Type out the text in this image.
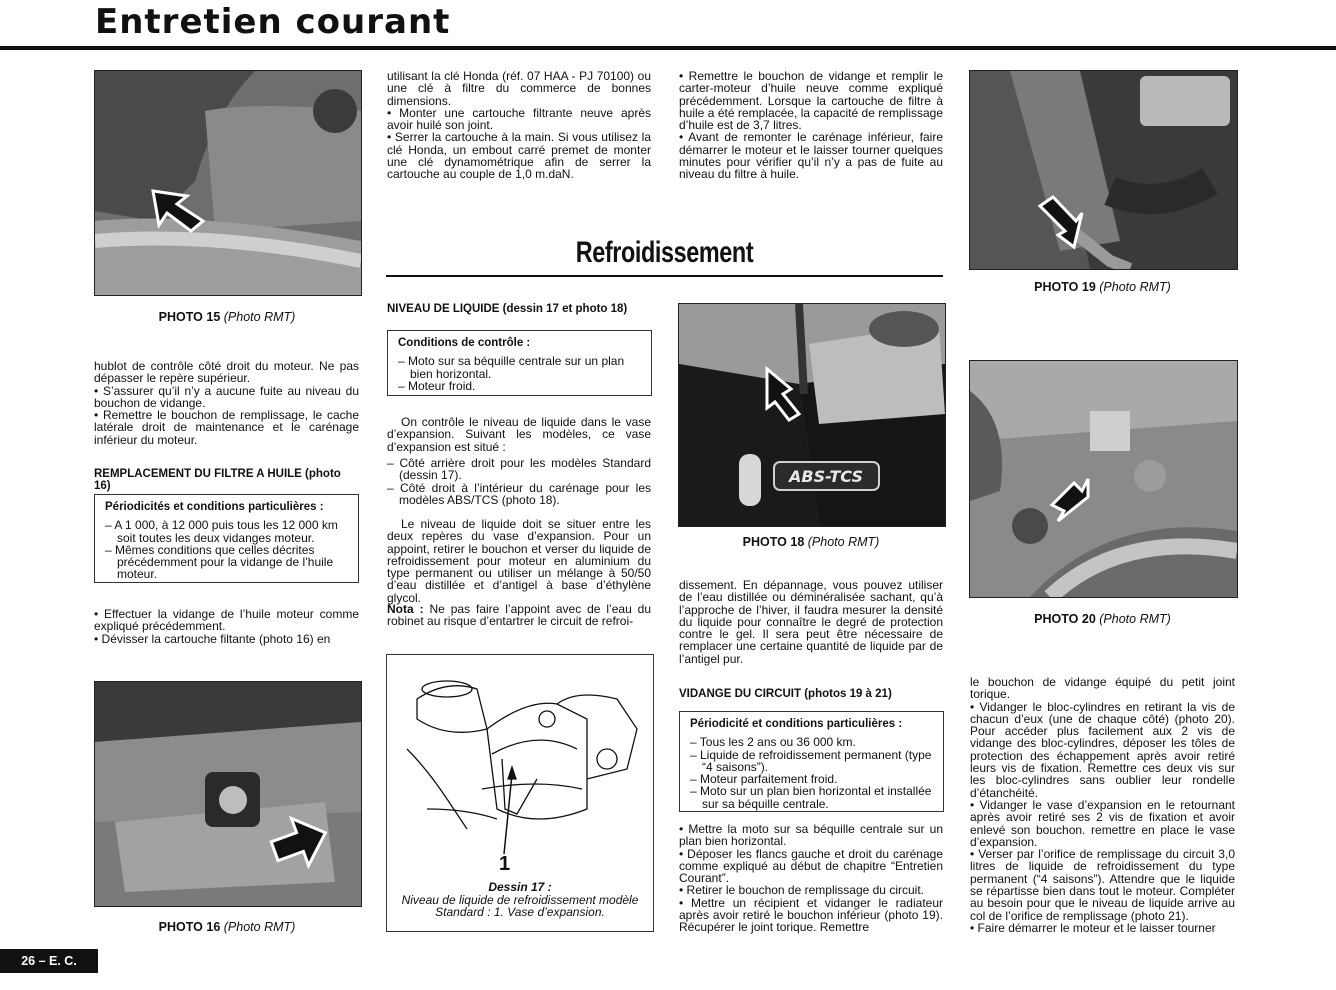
Entretien courant
PHOTO 15 (Photo RMT)

hublot de contrôle côté droit du moteur. Ne pas dépasser le repère supérieur.

• S’assurer qu’il n’y a aucune fuite au niveau du bouchon de vidange.

• Remettre le bouchon de remplissage, le cache latérale droit de maintenance et le carénage inférieur du moteur.

REMPLACEMENT DU FILTRE A HUILE (photo 16)
Périodicités et conditions particulières :

– A 1 000, à 12 000 puis tous les 12 000 km soit toutes les deux vidanges moteur.

– Mêmes conditions que celles décrites précédemment pour la vidange de l’huile moteur.

• Effectuer la vidange de l’huile moteur comme expliqué précédemment.

• Dévisser la cartouche filtante (photo 16) en

PHOTO 16 (Photo RMT)

utilisant la clé Honda (réf. 07 HAA - PJ 70100) ou une clé à filtre du commerce de bonnes dimensions.

• Monter une cartouche filtrante neuve après avoir huilé son joint.

• Serrer la cartouche à la main. Si vous utilisez la clé Honda, un embout carré premet de monter une clé dynamométrique afin de serrer la cartouche au couple de 1,0 m.daN.

Refroidissement
NIVEAU DE LIQUIDE (dessin 17 et photo 18)
Conditions de contrôle :

– Moto sur sa béquille centrale sur un plan bien horizontal.

– Moteur froid.

On contrôle le niveau de liquide dans le vase d’expansion. Suivant les modèles, ce vase d’expansion est situé :

– Côté arrière droit pour les modèles Standard (dessin 17).

– Côté droit à l’intérieur du carénage pour les modèles ABS/TCS (photo 18).

Le niveau de liquide doit se situer entre les deux repères du vase d’expansion. Pour un appoint, retirer le bouchon et verser du liquide de refroidissement pour moteur en aluminium du type permanent ou utiliser un mélange à 50/50 d’eau distillée et d’antigel à base d’éthylène glycol.

Nota : Ne pas faire l’appoint avec de l’eau du robinet au risque d’entartrer le circuit de refroi-

1
Dessin 17 :
Niveau de liquide de refroidissement modèle Standard : 1. Vase d’expansion.

• Remettre le bouchon de vidange et remplir le carter-moteur d’huile neuve comme expliqué précédemment. Lorsque la cartouche de filtre à huile a été remplacée, la capacité de remplissage d’huile est de 3,7 litres.

• Avant de remonter le carénage inférieur, faire démarrer le moteur et le laisser tourner quelques minutes pour vérifier qu’il n’y a pas de fuite au niveau du filtre à huile.

ABS-TCS
PHOTO 18 (Photo RMT)

dissement. En dépannage, vous pouvez utiliser de l’eau distillée ou déminéralisée sachant, qu’à l’approche de l’hiver, il faudra mesurer la densité du liquide pour connaître le degré de protection contre le gel. Il sera peut être nécessaire de remplacer une certaine quantité de liquide par de l’antigel pur.

VIDANGE DU CIRCUIT (photos 19 à 21)
Périodicité et conditions particulières :

– Tous les 2 ans ou 36 000 km.

– Liquide de refroidissement permanent (type “4 saisons”).

– Moteur parfaitement froid.

– Moto sur un plan bien horizontal et installée sur sa béquille centrale.

• Mettre la moto sur sa béquille centrale sur un plan bien horizontal.

• Déposer les flancs gauche et droit du carénage comme expliqué au début de chapitre “Entretien Courant”.

• Retirer le bouchon de remplissage du circuit.

• Mettre un récipient et vidanger le radiateur après avoir retiré le bouchon inférieur (photo 19). Récupérer le joint torique. Remettre

PHOTO 19 (Photo RMT)
PHOTO 20 (Photo RMT)

le bouchon de vidange équipé du petit joint torique.

• Vidanger le bloc-cylindres en retirant la vis de chacun d’eux (une de chaque côté) (photo 20). Pour accéder plus facilement aux 2 vis de vidange des bloc-cylindres, déposer les tôles de protection des échappement après avoir retiré leurs vis de fixation. Remettre ces deux vis sur les bloc-cylindres sans oublier leur rondelle d’étanchéité.

• Vidanger le vase d’expansion en le retournant après avoir retiré ses 2 vis de fixation et avoir enlevé son bouchon. remettre en place le vase d’expansion.

• Verser par l’orifice de remplissage du circuit 3,0 litres de liquide de refroidissement du type permanent (“4 saisons”). Attendre que le liquide se répartisse bien dans tout le moteur. Compléter au besoin pour que le niveau de liquide arrive au col de l’orifice de remplissage (photo 21).

• Faire démarrer le moteur et le laisser tourner

26 – E. C.
